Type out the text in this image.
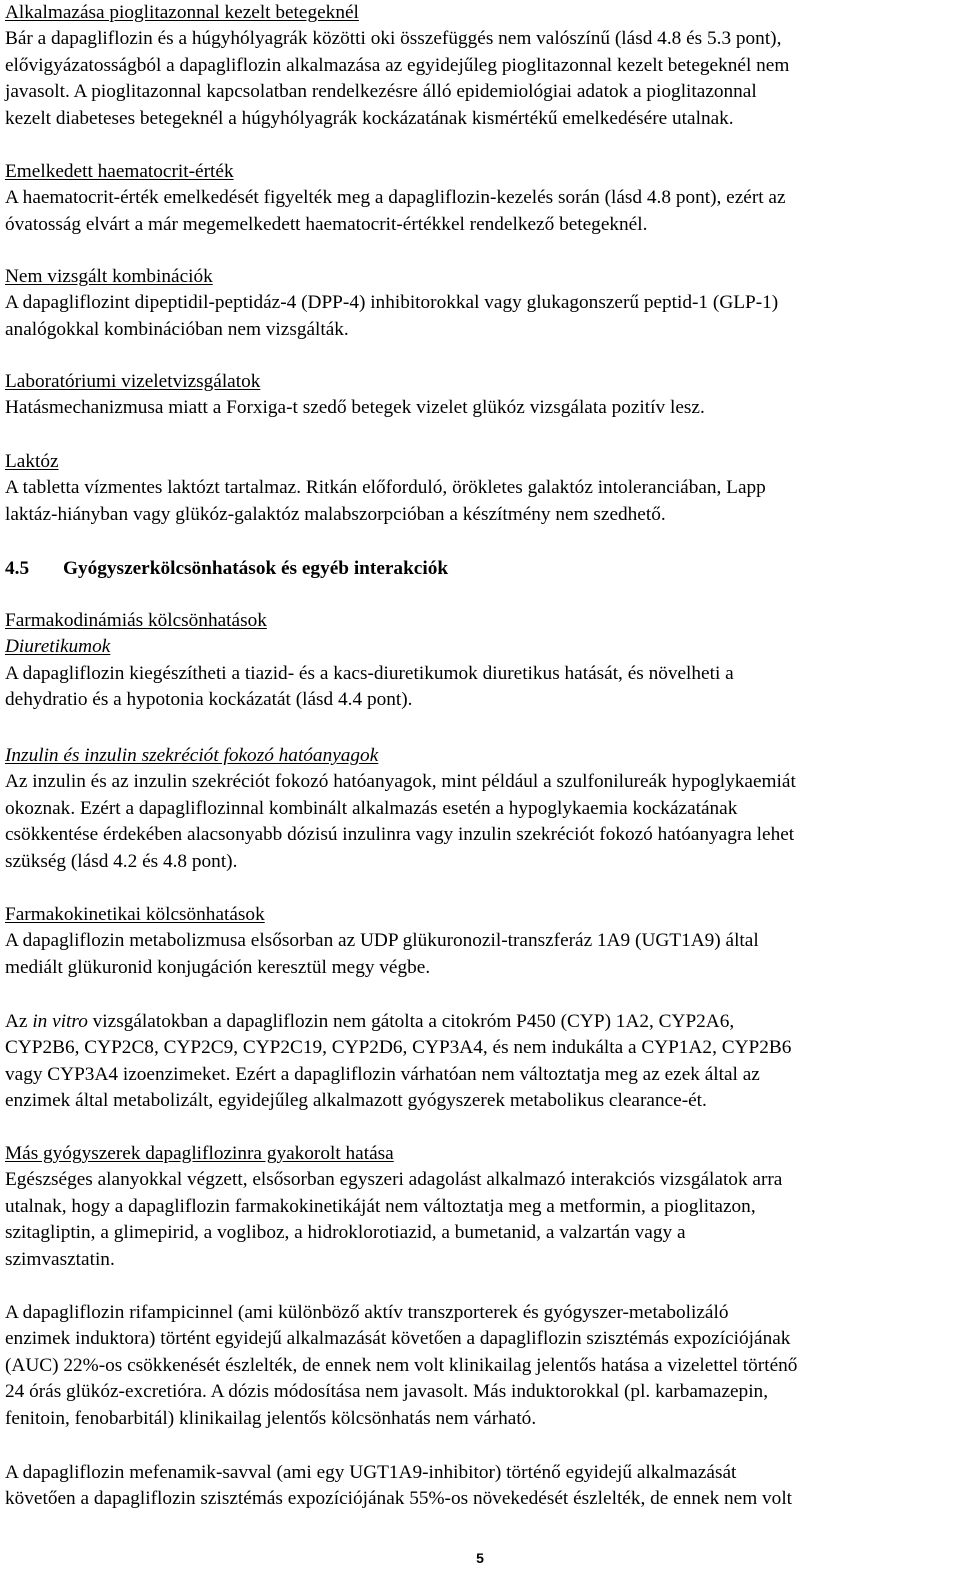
Alkalmazása pioglitazonnal kezelt betegeknél
Bár a dapagliflozin és a húgyhólyagrák közötti oki összefüggés nem valószínű (lásd 4.8 és 5.3 pont),
elővigyázatosságból a dapagliflozin alkalmazása az egyidejűleg pioglitazonnal kezelt betegeknél nem
javasolt. A pioglitazonnal kapcsolatban rendelkezésre álló epidemiológiai adatok a pioglitazonnal
kezelt diabeteses betegeknél a húgyhólyagrák kockázatának kismértékű emelkedésére utalnak.
Emelkedett haematocrit-érték
A haematocrit-érték emelkedését figyelték meg a dapagliflozin-kezelés során (lásd 4.8 pont), ezért az
óvatosság elvárt a már megemelkedett haematocrit-értékkel rendelkező betegeknél.
Nem vizsgált kombinációk
A dapagliflozint dipeptidil-peptidáz-4 (DPP-4) inhibitorokkal vagy glukagonszerű peptid-1 (GLP-1)
analógokkal kombinációban nem vizsgálták.
Laboratóriumi vizeletvizsgálatok
Hatásmechanizmusa miatt a Forxiga-t szedő betegek vizelet glükóz vizsgálata pozitív lesz.
Laktóz
A tabletta vízmentes laktózt tartalmaz. Ritkán előforduló, örökletes galaktóz intoleranciában, Lapp
laktáz-hiányban vagy glükóz-galaktóz malabszorpcióban a készítmény nem szedhető.
4.5 Gyógyszerkölcsönhatások és egyéb interakciók
Farmakodinámiás kölcsönhatások
Diuretikumok
A dapagliflozin kiegészítheti a tiazid- és a kacs-diuretikumok diuretikus hatását, és növelheti a
dehydratio és a hypotonia kockázatát (lásd 4.4 pont).
Inzulin és inzulin szekréciót fokozó hatóanyagok
Az inzulin és az inzulin szekréciót fokozó hatóanyagok, mint például a szulfonilureák hypoglykaemiát
okoznak. Ezért a dapagliflozinnal kombinált alkalmazás esetén a hypoglykaemia kockázatának
csökkentése érdekében alacsonyabb dózisú inzulinra vagy inzulin szekréciót fokozó hatóanyagra lehet
szükség (lásd 4.2 és 4.8 pont).
Farmakokinetikai kölcsönhatások
A dapagliflozin metabolizmusa elsősorban az UDP glükuronozil-transzferáz 1A9 (UGT1A9) által
mediált glükuronid konjugáción keresztül megy végbe.
Az in vitro vizsgálatokban a dapagliflozin nem gátolta a citokróm P450 (CYP) 1A2, CYP2A6,
CYP2B6, CYP2C8, CYP2C9, CYP2C19, CYP2D6, CYP3A4, és nem indukálta a CYP1A2, CYP2B6
vagy CYP3A4 izoenzimeket. Ezért a dapagliflozin várhatóan nem változtatja meg az ezek által az
enzimek által metabolizált, egyidejűleg alkalmazott gyógyszerek metabolikus clearance-ét.
Más gyógyszerek dapagliflozinra gyakorolt hatása
Egészséges alanyokkal végzett, elsősorban egyszeri adagolást alkalmazó interakciós vizsgálatok arra
utalnak, hogy a dapagliflozin farmakokinetikáját nem változtatja meg a metformin, a pioglitazon,
szitagliptin, a glimepirid, a vogliboz, a hidroklorotiazid, a bumetanid, a valzartán vagy a
szimvasztatin.
A dapagliflozin rifampicinnel (ami különböző aktív transzporterek és gyógyszer-metabolizáló
enzimek induktora) történt egyidejű alkalmazását követően a dapagliflozin szisztémás expozíciójának
(AUC) 22%-os csökkenését észlelték, de ennek nem volt klinikailag jelentős hatása a vizelettel történő
24 órás glükóz-excretióra. A dózis módosítása nem javasolt. Más induktorokkal (pl. karbamazepin,
fenitoin, fenobarbitál) klinikailag jelentős kölcsönhatás nem várható.
A dapagliflozin mefenamik-savval (ami egy UGT1A9-inhibitor) történő egyidejű alkalmazását
követően a dapagliflozin szisztémás expozíciójának 55%-os növekedését észlelték, de ennek nem volt
5
